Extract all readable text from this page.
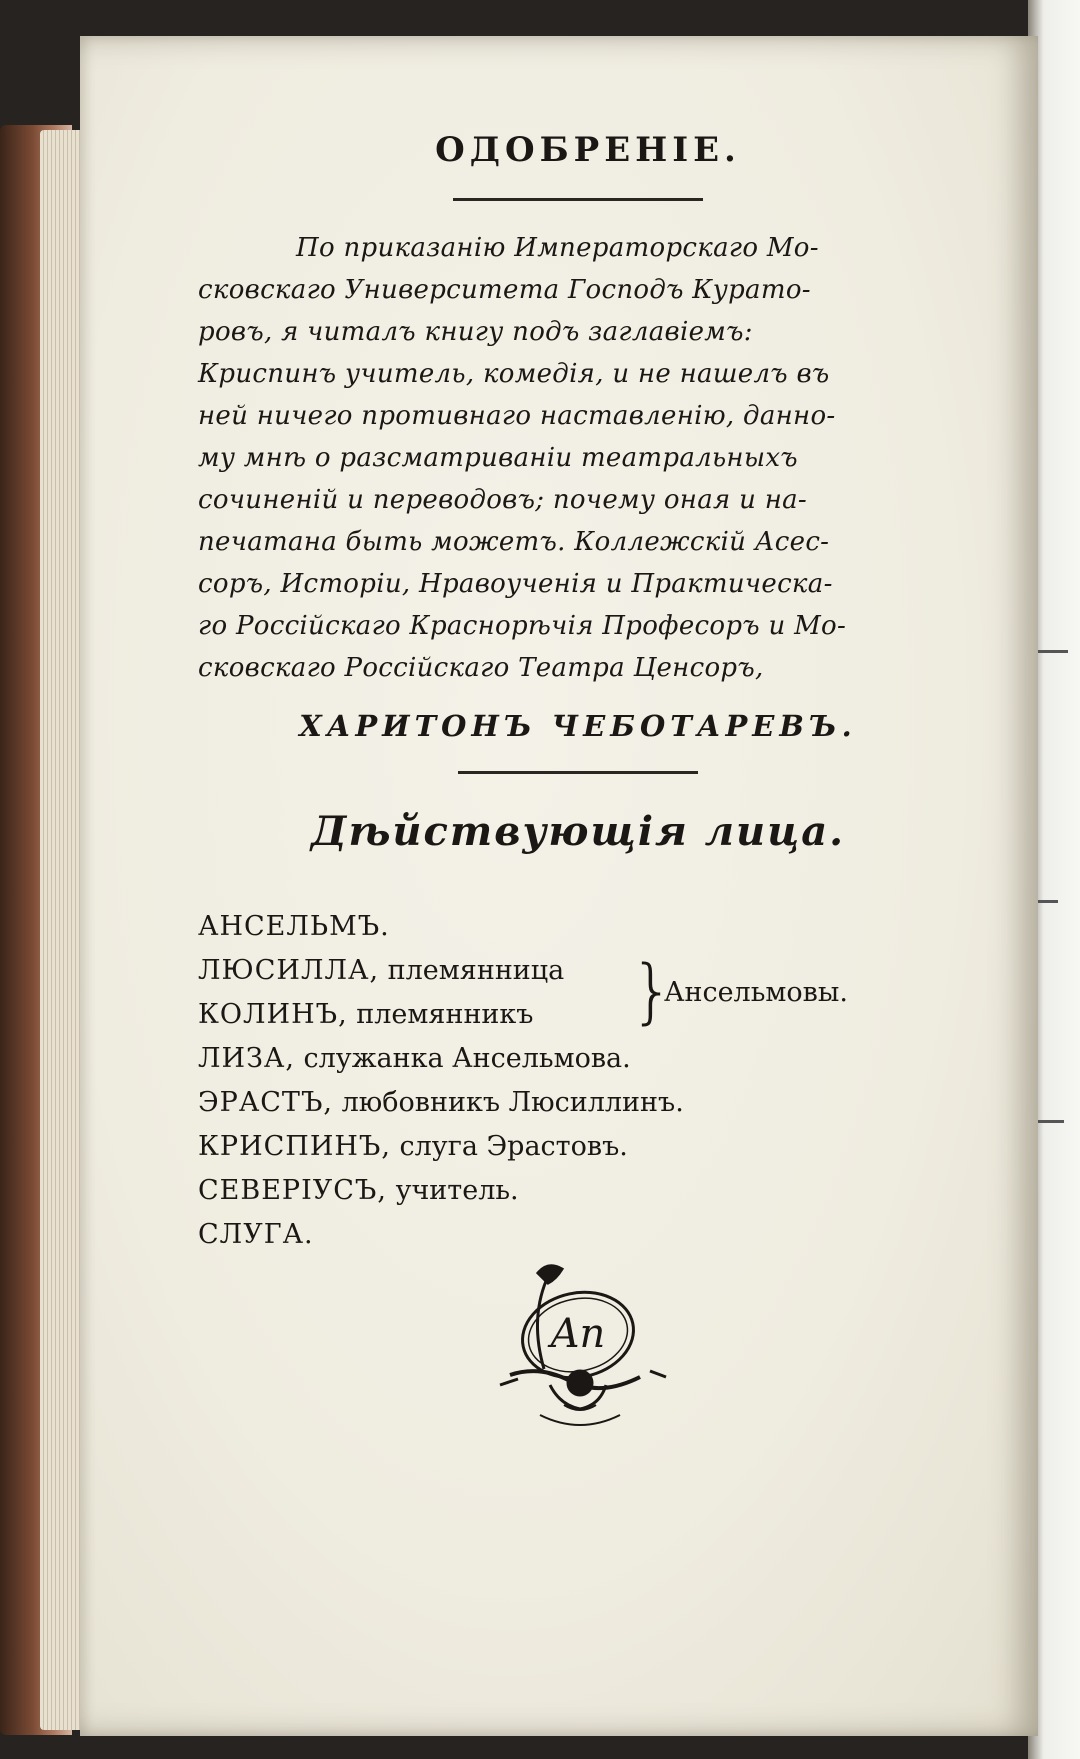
ОДОБРЕНІЕ.
По приказанію Императорскаго Мо-
сковскаго Университета Господъ Курато-
ровъ, я читалъ книгу подъ заглавіемъ:
Криспинъ учитель, комедія, и не нашелъ въ
ней ничего противнаго наставленію, данно-
му мнѣ о разсматриваніи театральныхъ
сочиненій и переводовъ; почему оная и на-
печатана быть можетъ. Коллежскій Асес-
соръ, Исторіи, Нравоученія и Практическа-
го Россійскаго Краснорѣчія Професоръ и Мо-
сковскаго Россійскаго Театра Ценсоръ,
ХАРИТОНЪ ЧЕБОТАРЕВЪ.
Дѣйствующія лица.
АНСЕЛЬМЪ.
ЛЮСИЛЛА, племянница
КОЛИНЪ, племянникъ	}
Ансельмовы.
ЛИЗА, служанка Ансельмова.
ЭРАСТЪ, любовникъ Люсиллинъ.
КРИСПИНЪ, слуга Эрастовъ.
СЕВЕРІУСЪ, учитель.
СЛУГА.
An
